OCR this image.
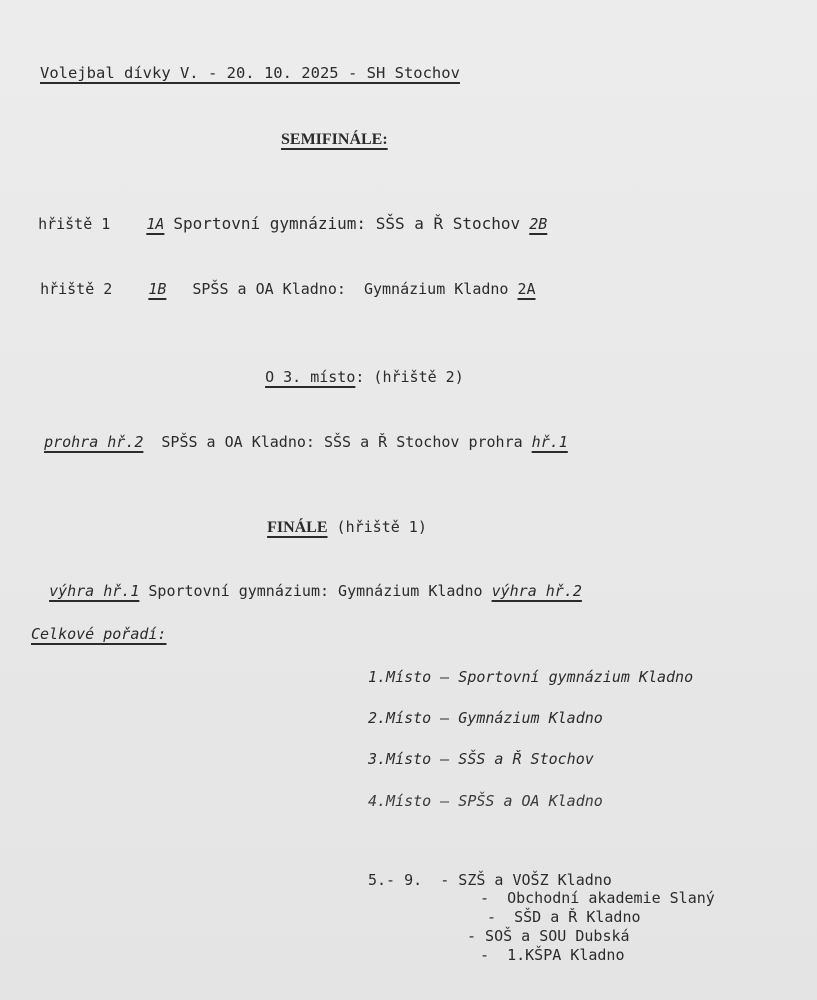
Volejbal dívky V. - 20. 10. 2025 - SH Stochov
SEMIFINÁLE:

hřiště 1 1A Sportovní gymnázium: SŠS a Ř Stochov 2B

hřiště 2 1B SPŠS a OA Kladno:  Gymnázium Kladno 2A

O 3. místo: (hřiště 2)

prohra hř.2 SPŠS a OA Kladno: SŠS a Ř Stochov prohra hř.1

FINÁLE (hřiště 1)

výhra hř.1 Sportovní gymnázium: Gymnázium Kladno výhra hř.2

Celkové pořadí:
1.Místo – Sportovní gymnázium Kladno
2.Místo – Gymnázium Kladno
3.Místo – SŠS a Ř Stochov
4.Místo – SPŠS a OA Kladno
5.- 9.  - SZŠ a VOŠZ Kladno
-  Obchodní akademie Slaný
-  SŠD a Ř Kladno
- SOŠ a SOU Dubská
-  1.KŠPA Kladno
